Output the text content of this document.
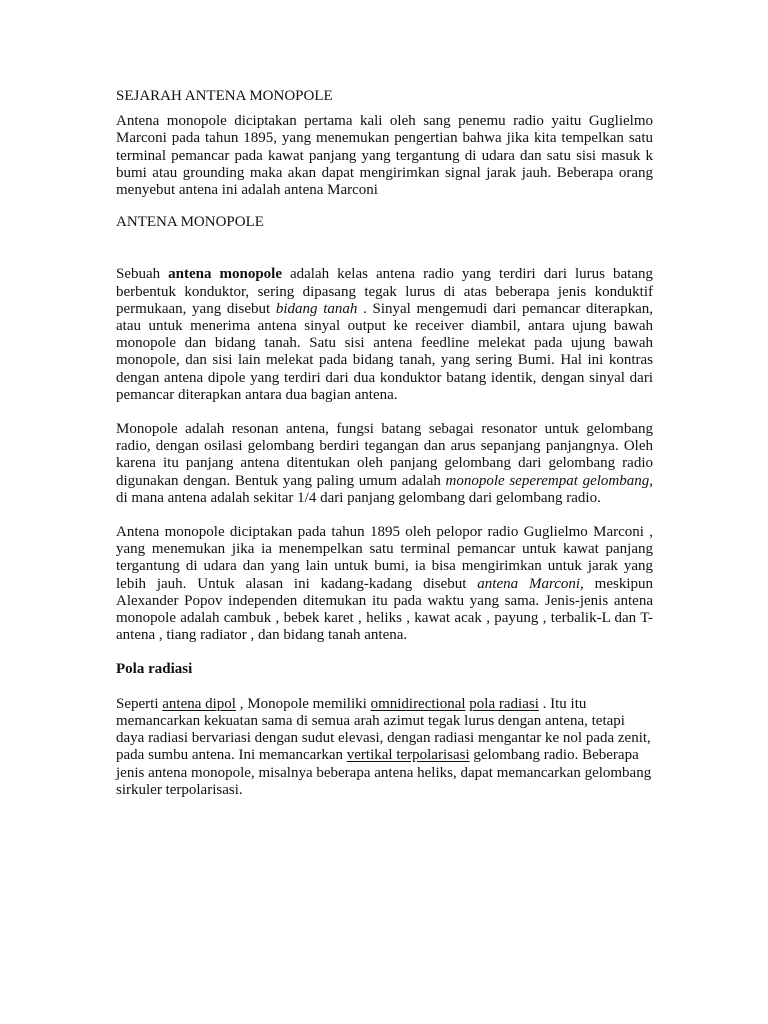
SEJARAH ANTENA MONOPOLE

Antena monopole diciptakan pertama kali oleh sang penemu radio yaitu Guglielmo Marconi pada tahun 1895, yang menemukan pengertian bahwa jika kita tempelkan satu terminal pemancar pada kawat panjang yang tergantung di udara dan satu sisi masuk k bumi atau grounding maka akan dapat mengirimkan signal jarak jauh. Beberapa orang menyebut antena ini adalah antena Marconi

ANTENA MONOPOLE

Sebuah antena monopole adalah kelas antena radio yang terdiri dari lurus batang berbentuk konduktor, sering dipasang tegak lurus di atas beberapa jenis konduktif permukaan, yang disebut bidang tanah . Sinyal mengemudi dari pemancar diterapkan, atau untuk menerima antena sinyal output ke receiver diambil, antara ujung bawah monopole dan bidang tanah. Satu sisi antena feedline melekat pada ujung bawah monopole, dan sisi lain melekat pada bidang tanah, yang sering Bumi. Hal ini kontras dengan antena dipole yang terdiri dari dua konduktor batang identik, dengan sinyal dari pemancar diterapkan antara dua bagian antena.

Monopole adalah resonan antena, fungsi batang sebagai resonator untuk gelombang radio, dengan osilasi gelombang berdiri tegangan dan arus sepanjang panjangnya. Oleh karena itu panjang antena ditentukan oleh panjang gelombang dari gelombang radio digunakan dengan. Bentuk yang paling umum adalah monopole seperempat gelombang, di mana antena adalah sekitar 1/4 dari panjang gelombang dari gelombang radio.

Antena monopole diciptakan pada tahun 1895 oleh pelopor radio Guglielmo Marconi , yang menemukan jika ia menempelkan satu terminal pemancar untuk kawat panjang tergantung di udara dan yang lain untuk bumi, ia bisa mengirimkan untuk jarak yang lebih jauh. Untuk alasan ini kadang-kadang disebut antena Marconi, meskipun Alexander Popov independen ditemukan itu pada waktu yang sama. Jenis-jenis antena monopole adalah cambuk , bebek karet , heliks , kawat acak , payung , terbalik-L dan T-antena , tiang radiator , dan bidang tanah antena.

Pola radiasi

Seperti antena dipol , Monopole memiliki omnidirectional pola radiasi . Itu itu memancarkan kekuatan sama di semua arah azimut tegak lurus dengan antena, tetapi daya radiasi bervariasi dengan sudut elevasi, dengan radiasi mengantar ke nol pada zenit, pada sumbu antena. Ini memancarkan vertikal terpolarisasi gelombang radio. Beberapa jenis antena monopole, misalnya beberapa antena heliks, dapat memancarkan gelombang sirkuler terpolarisasi.
